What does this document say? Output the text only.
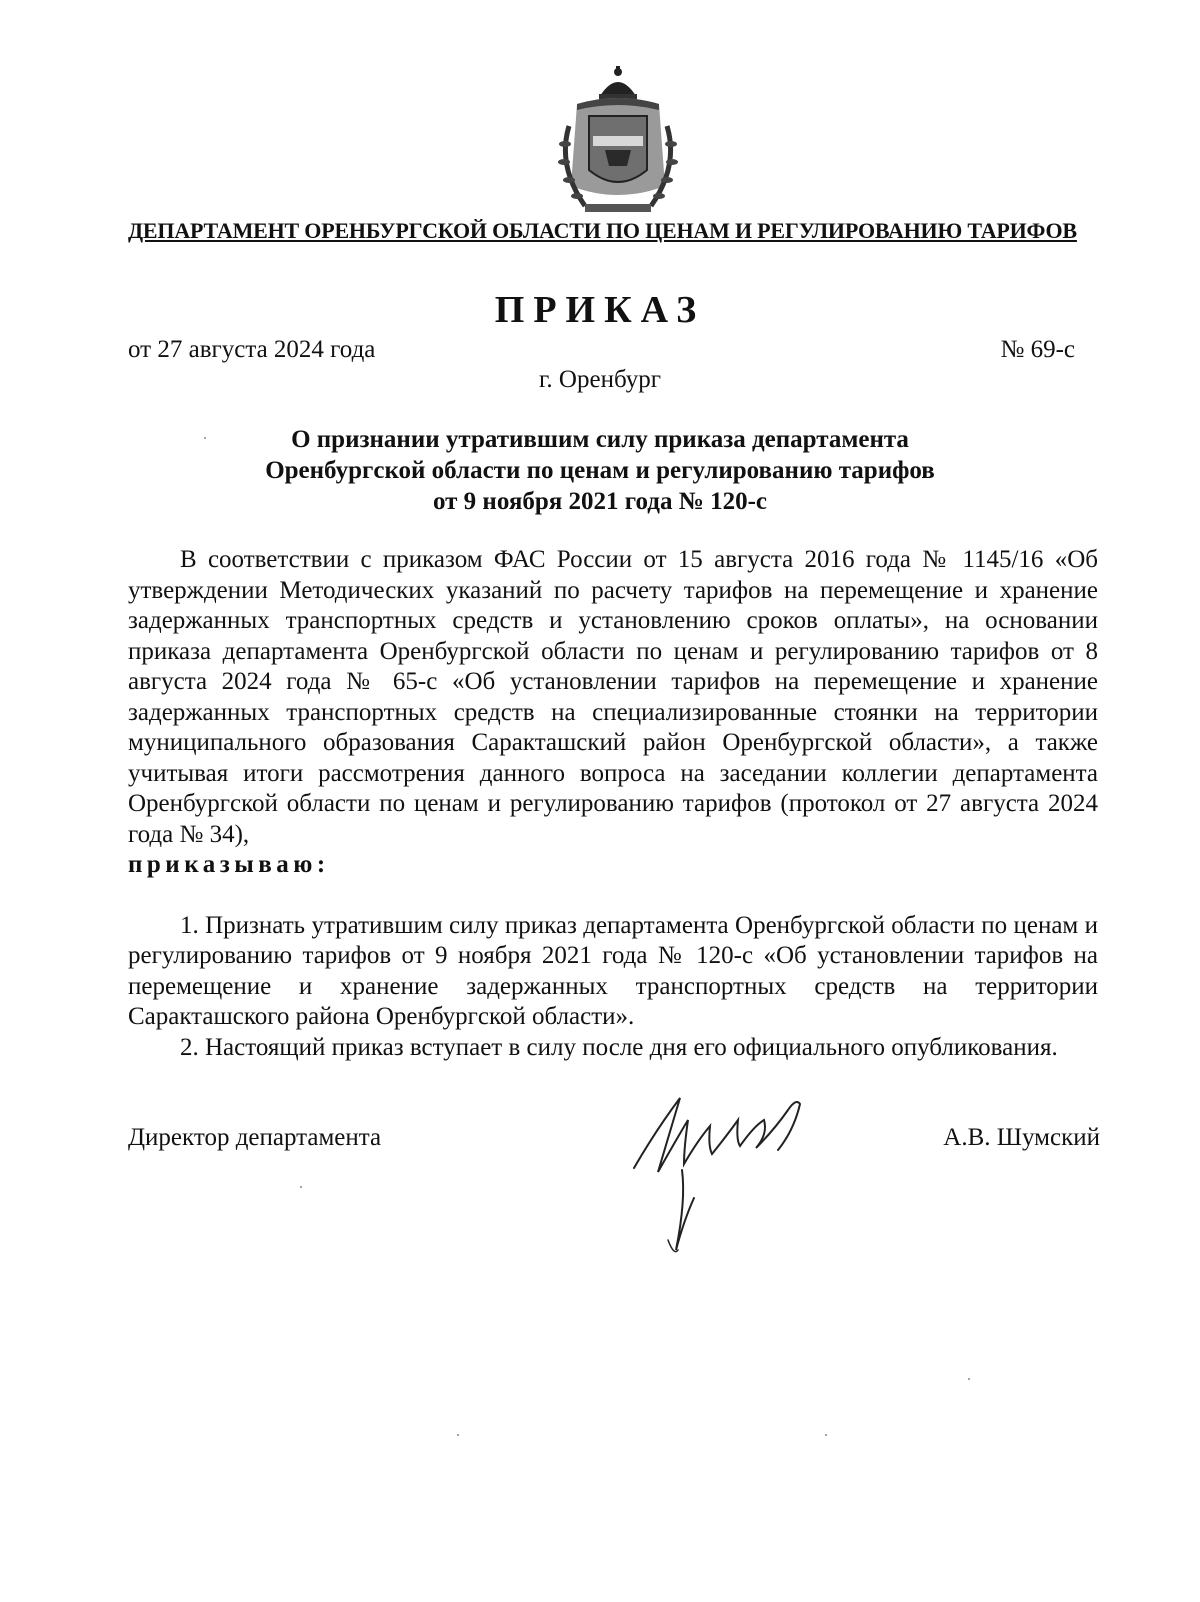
ДЕПАРТАМЕНТ ОРЕНБУРГСКОЙ ОБЛАСТИ ПО ЦЕНАМ И РЕГУЛИРОВАНИЮ ТАРИФОВ
ПРИКАЗ
от 27 августа 2024 года	№ 69-с
г. Оренбург
О признании утратившим силу приказа департамента
Оренбургской области по ценам и регулированию тарифов
от 9 ноября 2021 года № 120-с

В соответствии с приказом ФАС России от 15 августа 2016 года № 1145/16 «Об утверждении Методических указаний по расчету тарифов на перемещение и хранение задержанных транспортных средств и установлению сроков оплаты», на основании приказа департамента Оренбургской области по ценам и регулированию тарифов от 8 августа 2024 года № 65-с «Об установлении тарифов на перемещение и хранение задержанных транспортных средств на специализированные стоянки на территории муниципального образования Саракташский район Оренбургской области», а также учитывая итоги рассмотрения данного вопроса на заседании коллегии департамента Оренбургской области по ценам и регулированию тарифов (протокол от 27 августа 2024 года № 34),

приказываю:

1. Признать утратившим силу приказ департамента Оренбургской области по ценам и регулированию тарифов от 9 ноября 2021 года № 120-с «Об установлении тарифов на перемещение и хранение задержанных транспортных средств на территории Саракташского района Оренбургской области».

2. Настоящий приказ вступает в силу после дня его официального опубликования.

Директор департамента	А.В. Шумский
